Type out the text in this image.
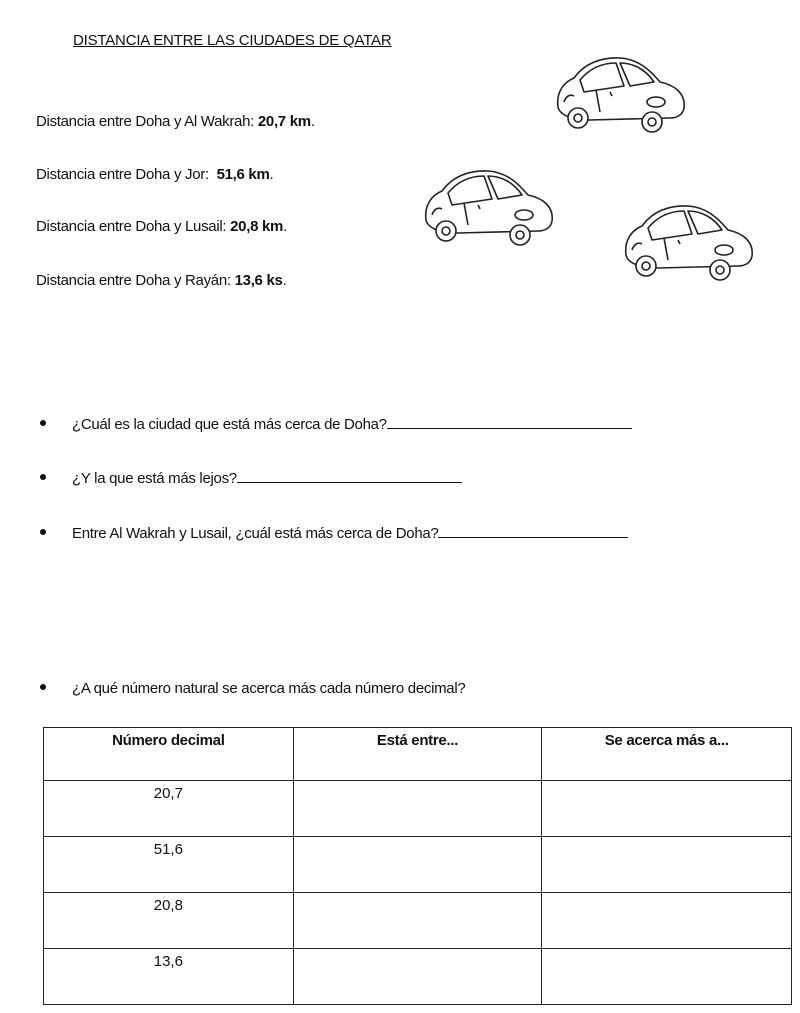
DISTANCIA ENTRE LAS CIUDADES DE QATAR
Distancia entre Doha y Al Wakrah: 20,7 km.
Distancia entre Doha y Jor:  51,6 km.
Distancia entre Doha y Lusail: 20,8 km.
Distancia entre Doha y Rayán: 13,6 ks.
¿Cuál es la ciudad que está más cerca de Doha?
¿Y la que está más lejos?
Entre Al Wakrah y Lusail, ¿cuál está más cerca de Doha?
¿A qué número natural se acerca más cada número decimal?
Número decimal	Está entre...	Se acerca más a...
20,7		
51,6		
20,8		
13,6		
